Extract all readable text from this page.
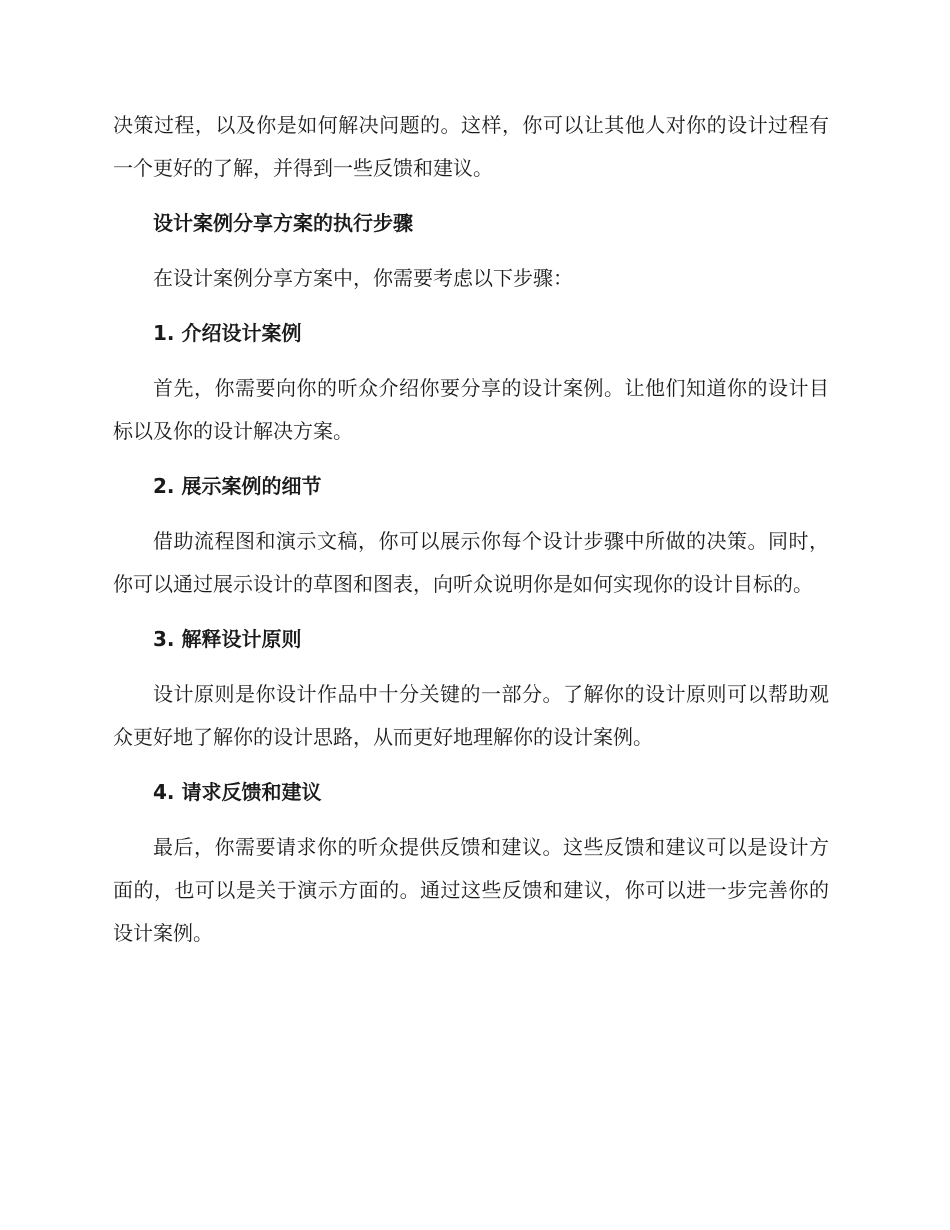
决策过程，以及你是如何解决问题的。这样，你可以让其他人对你的设计过程有一个更好的了解，并得到一些反馈和建议。

设计案例分享方案的执行步骤

在设计案例分享方案中，你需要考虑以下步骤：

1. 介绍设计案例

首先，你需要向你的听众介绍你要分享的设计案例。让他们知道你的设计目标以及你的设计解决方案。

2. 展示案例的细节

借助流程图和演示文稿，你可以展示你每个设计步骤中所做的决策。同时，你可以通过展示设计的草图和图表，向听众说明你是如何实现你的设计目标的。

3. 解释设计原则

设计原则是你设计作品中十分关键的一部分。了解你的设计原则可以帮助观众更好地了解你的设计思路，从而更好地理解你的设计案例。

4. 请求反馈和建议

最后，你需要请求你的听众提供反馈和建议。这些反馈和建议可以是设计方面的，也可以是关于演示方面的。通过这些反馈和建议，你可以进一步完善你的设计案例。
